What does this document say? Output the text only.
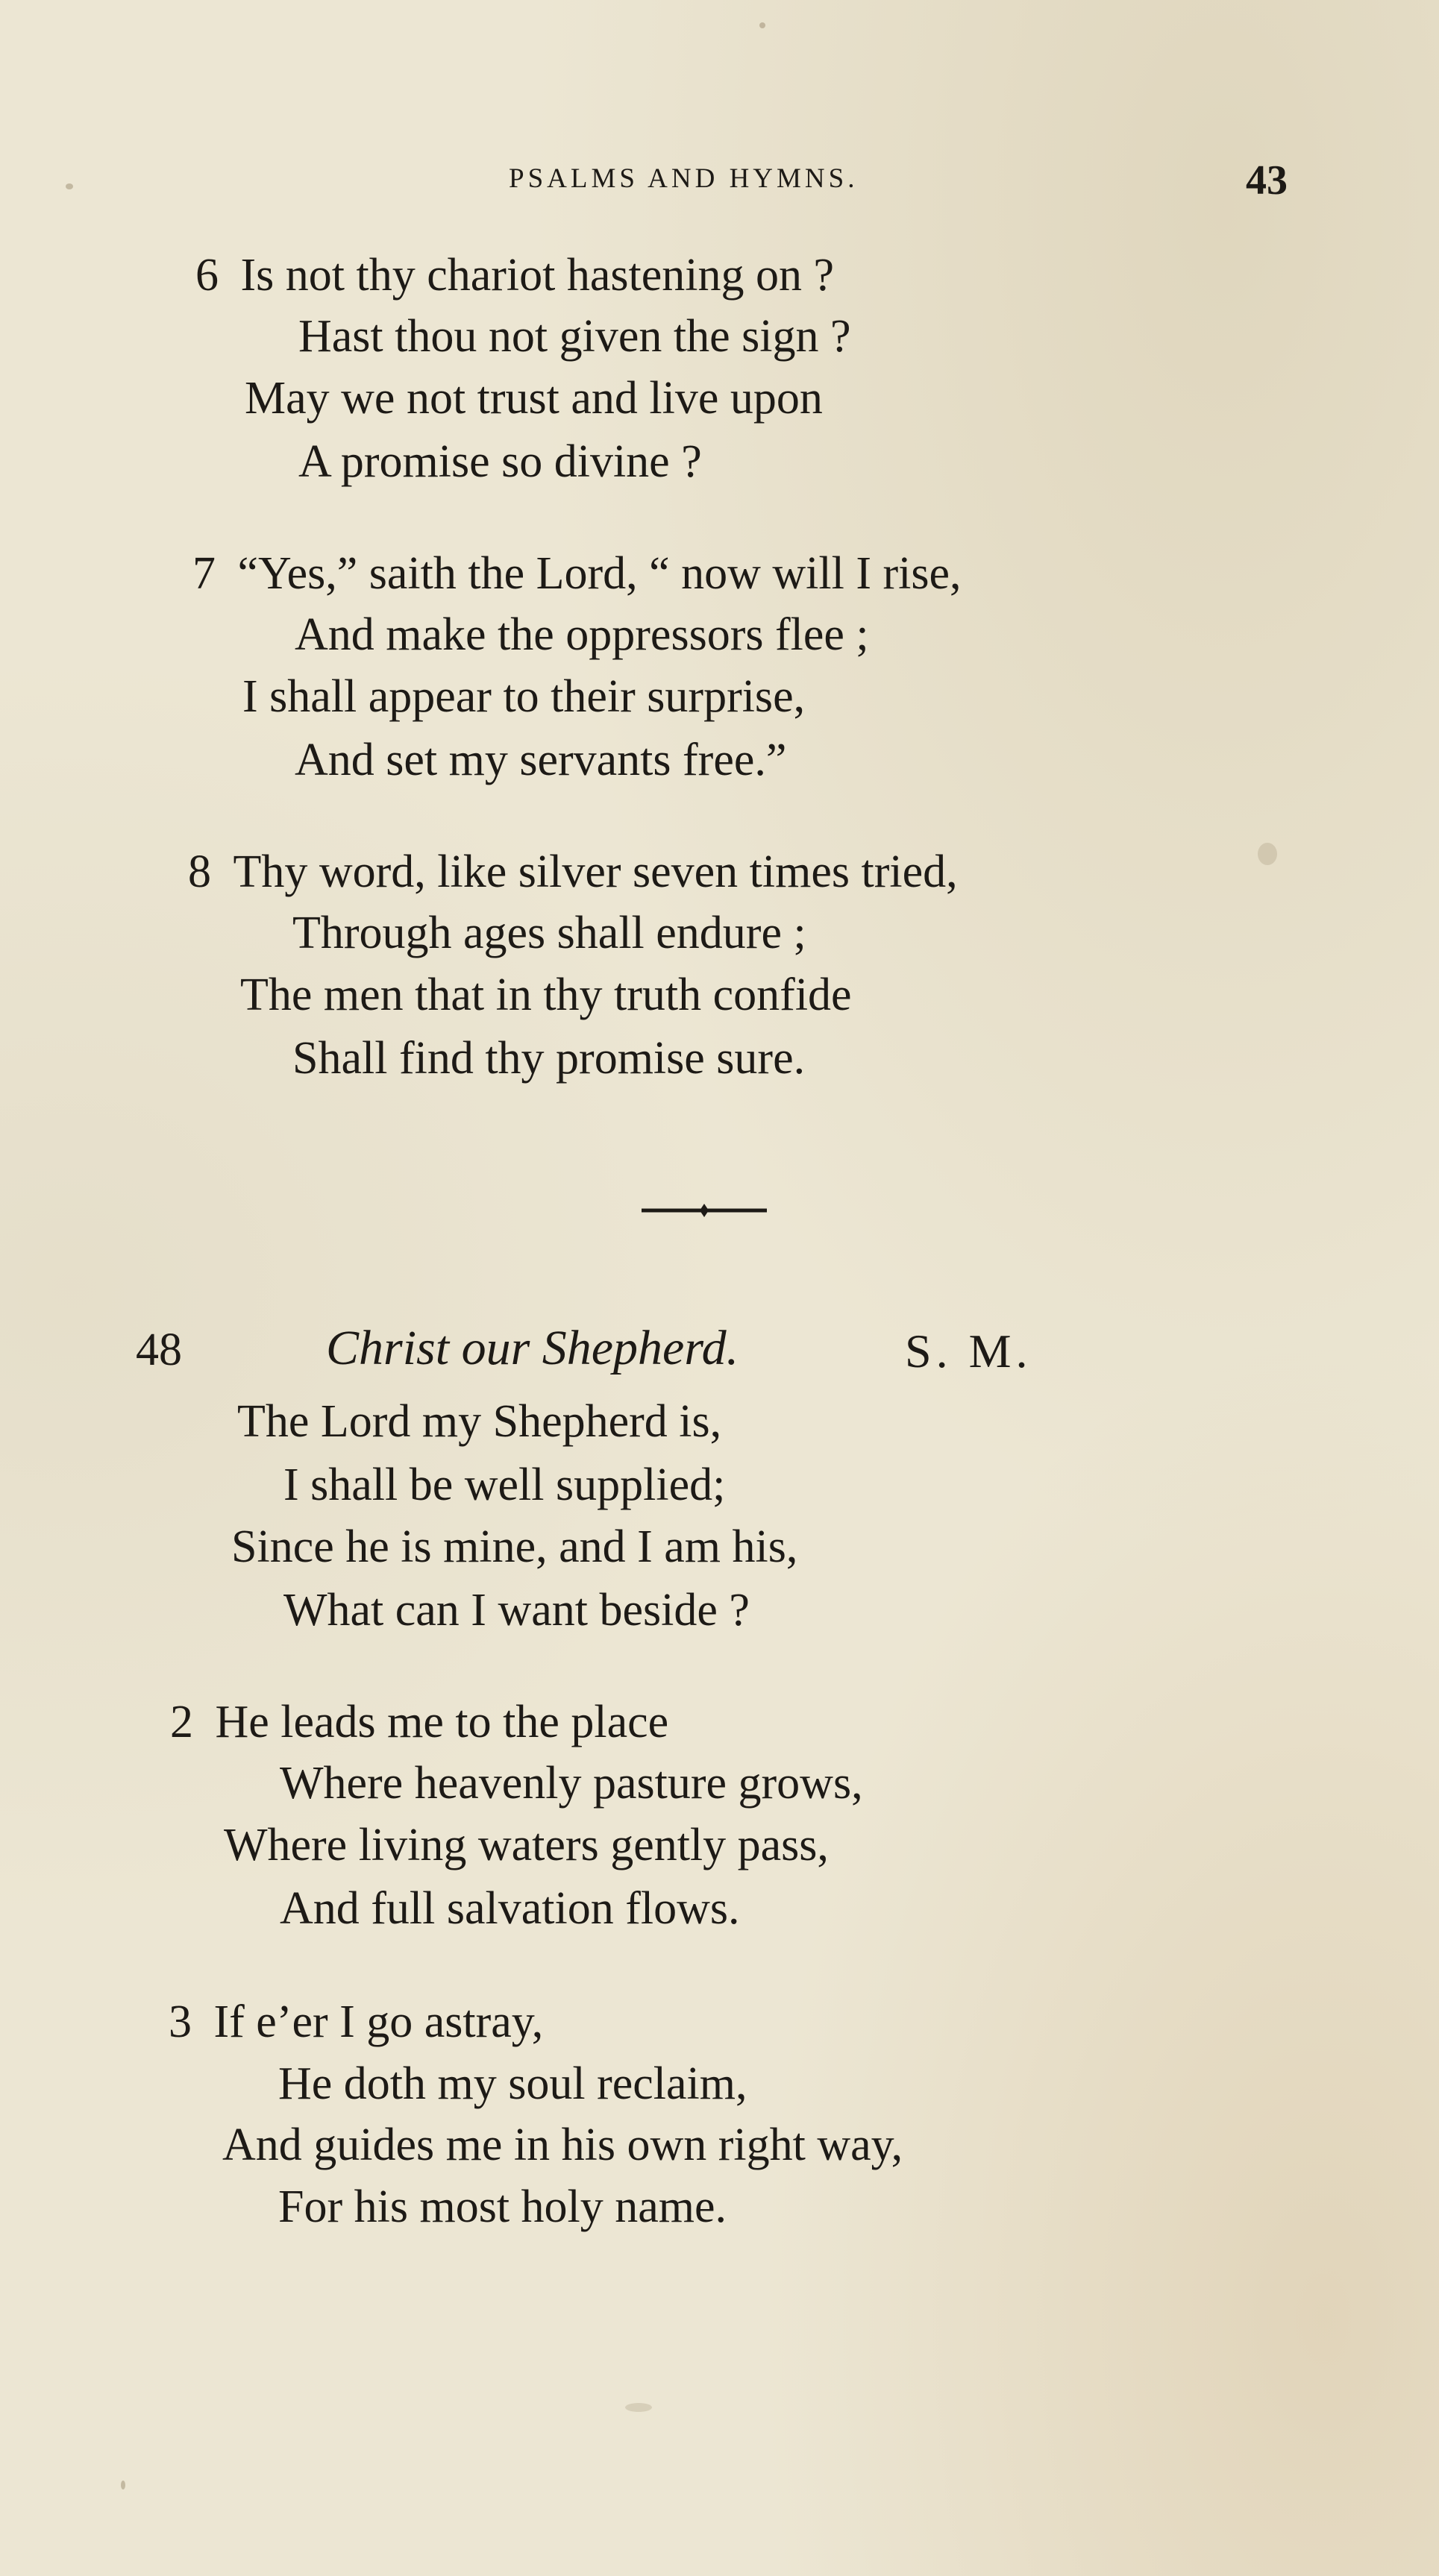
PSALMS AND HYMNS.	43
6 Is not thy chariot hastening on ?
Hast thou not given the sign ?
May we not trust and live upon
A promise so divine ?
7 “Yes,” saith the Lord, “ now will I rise,
And make the oppressors flee ;
I shall appear to their surprise,
And set my servants free.”
8 Thy word, like silver seven times tried,
Through ages shall endure ;
The men that in thy truth confide
Shall find thy promise sure.
48	Christ our Shepherd.	S. M.
The Lord my Shepherd is,
I shall be well supplied;
Since he is mine, and I am his,
What can I want beside ?
2 He leads me to the place
Where heavenly pasture grows,
Where living waters gently pass,
And full salvation flows.
3 If e’er I go astray,
He doth my soul reclaim,
And guides me in his own right way,
For his most holy name.
